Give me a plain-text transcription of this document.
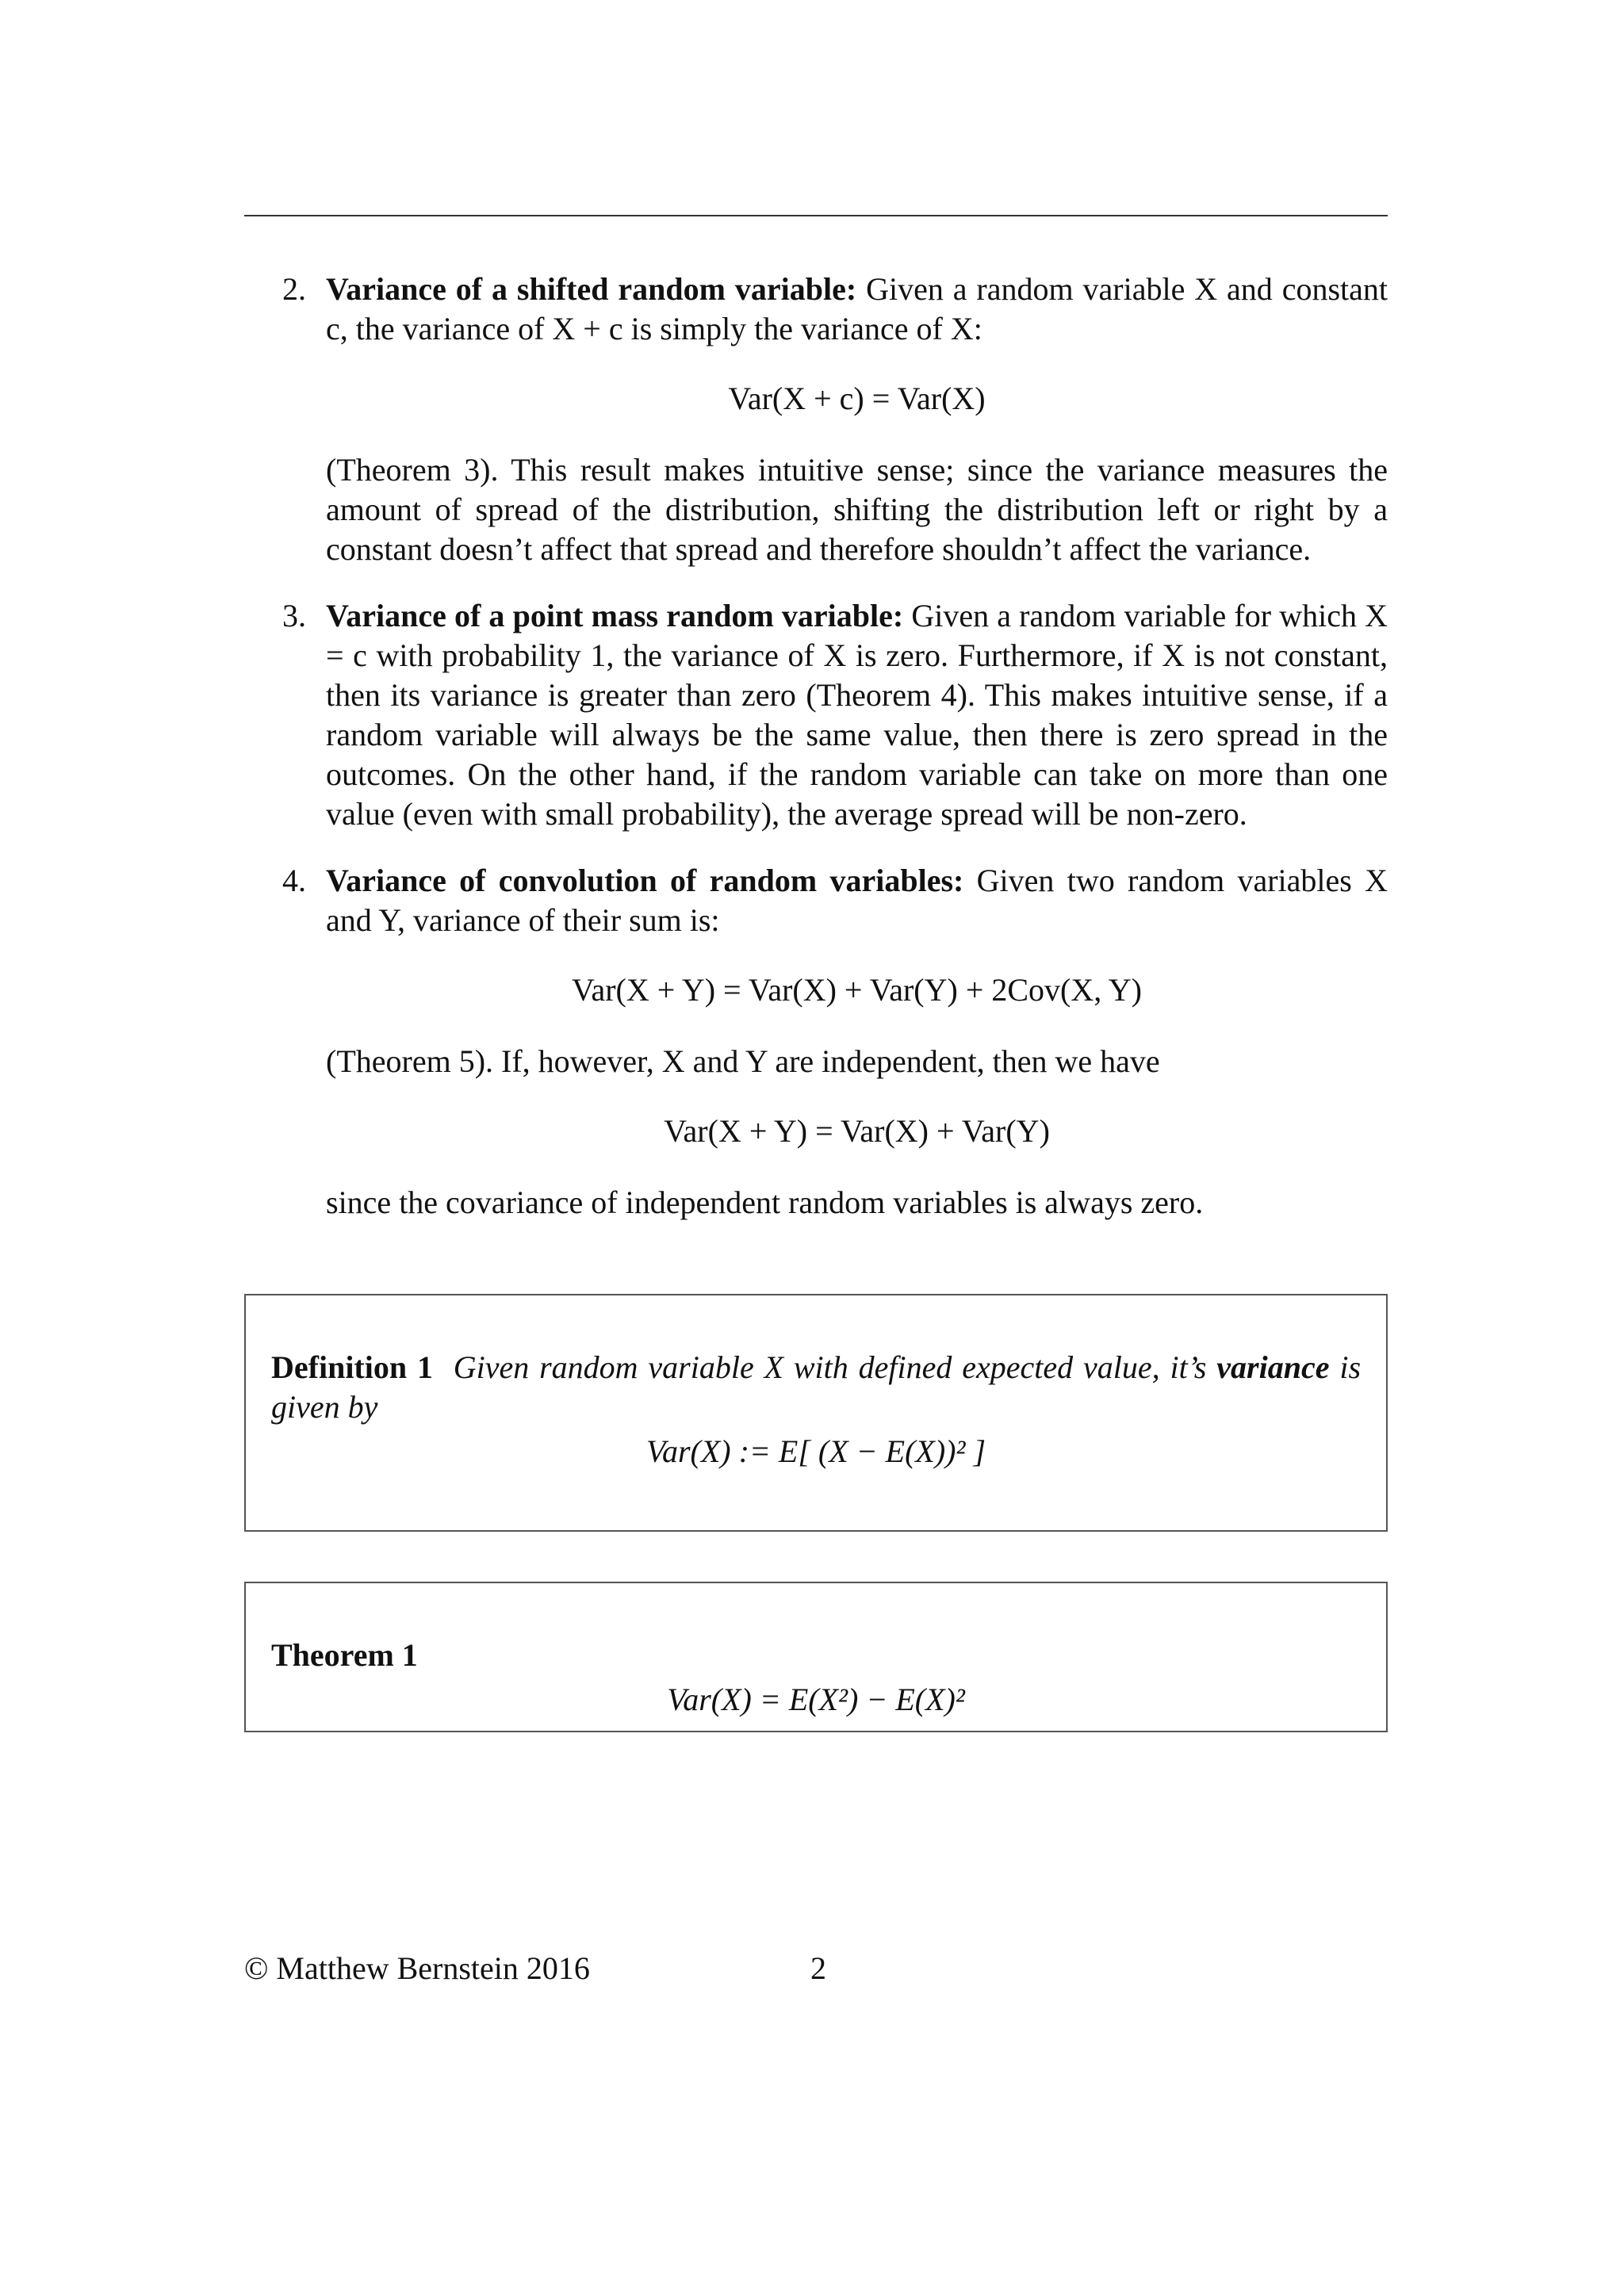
2. Variance of a shifted random variable: Given a random variable X and constant c, the variance of X + c is simply the variance of X:
Var(X + c) = Var(X)
(Theorem 3). This result makes intuitive sense; since the variance measures the amount of spread of the distribution, shifting the distribution left or right by a constant doesn’t affect that spread and therefore shouldn’t affect the variance.
3. Variance of a point mass random variable: Given a random variable for which X = c with probability 1, the variance of X is zero. Furthermore, if X is not constant, then its variance is greater than zero (Theorem 4). This makes intuitive sense, if a random variable will always be the same value, then there is zero spread in the outcomes. On the other hand, if the random variable can take on more than one value (even with small probability), the average spread will be non-zero.
4. Variance of convolution of random variables: Given two random variables X and Y, variance of their sum is:
Var(X + Y) = Var(X) + Var(Y) + 2Cov(X, Y)
(Theorem 5). If, however, X and Y are independent, then we have
Var(X + Y) = Var(X) + Var(Y)
since the covariance of independent random variables is always zero.
Definition 1 Given random variable X with defined expected value, it’s variance is given by
Var(X) := E[ (X − E(X))² ]
Theorem 1
Var(X) = E(X²) − E(X)²
© Matthew Bernstein 2016	2
